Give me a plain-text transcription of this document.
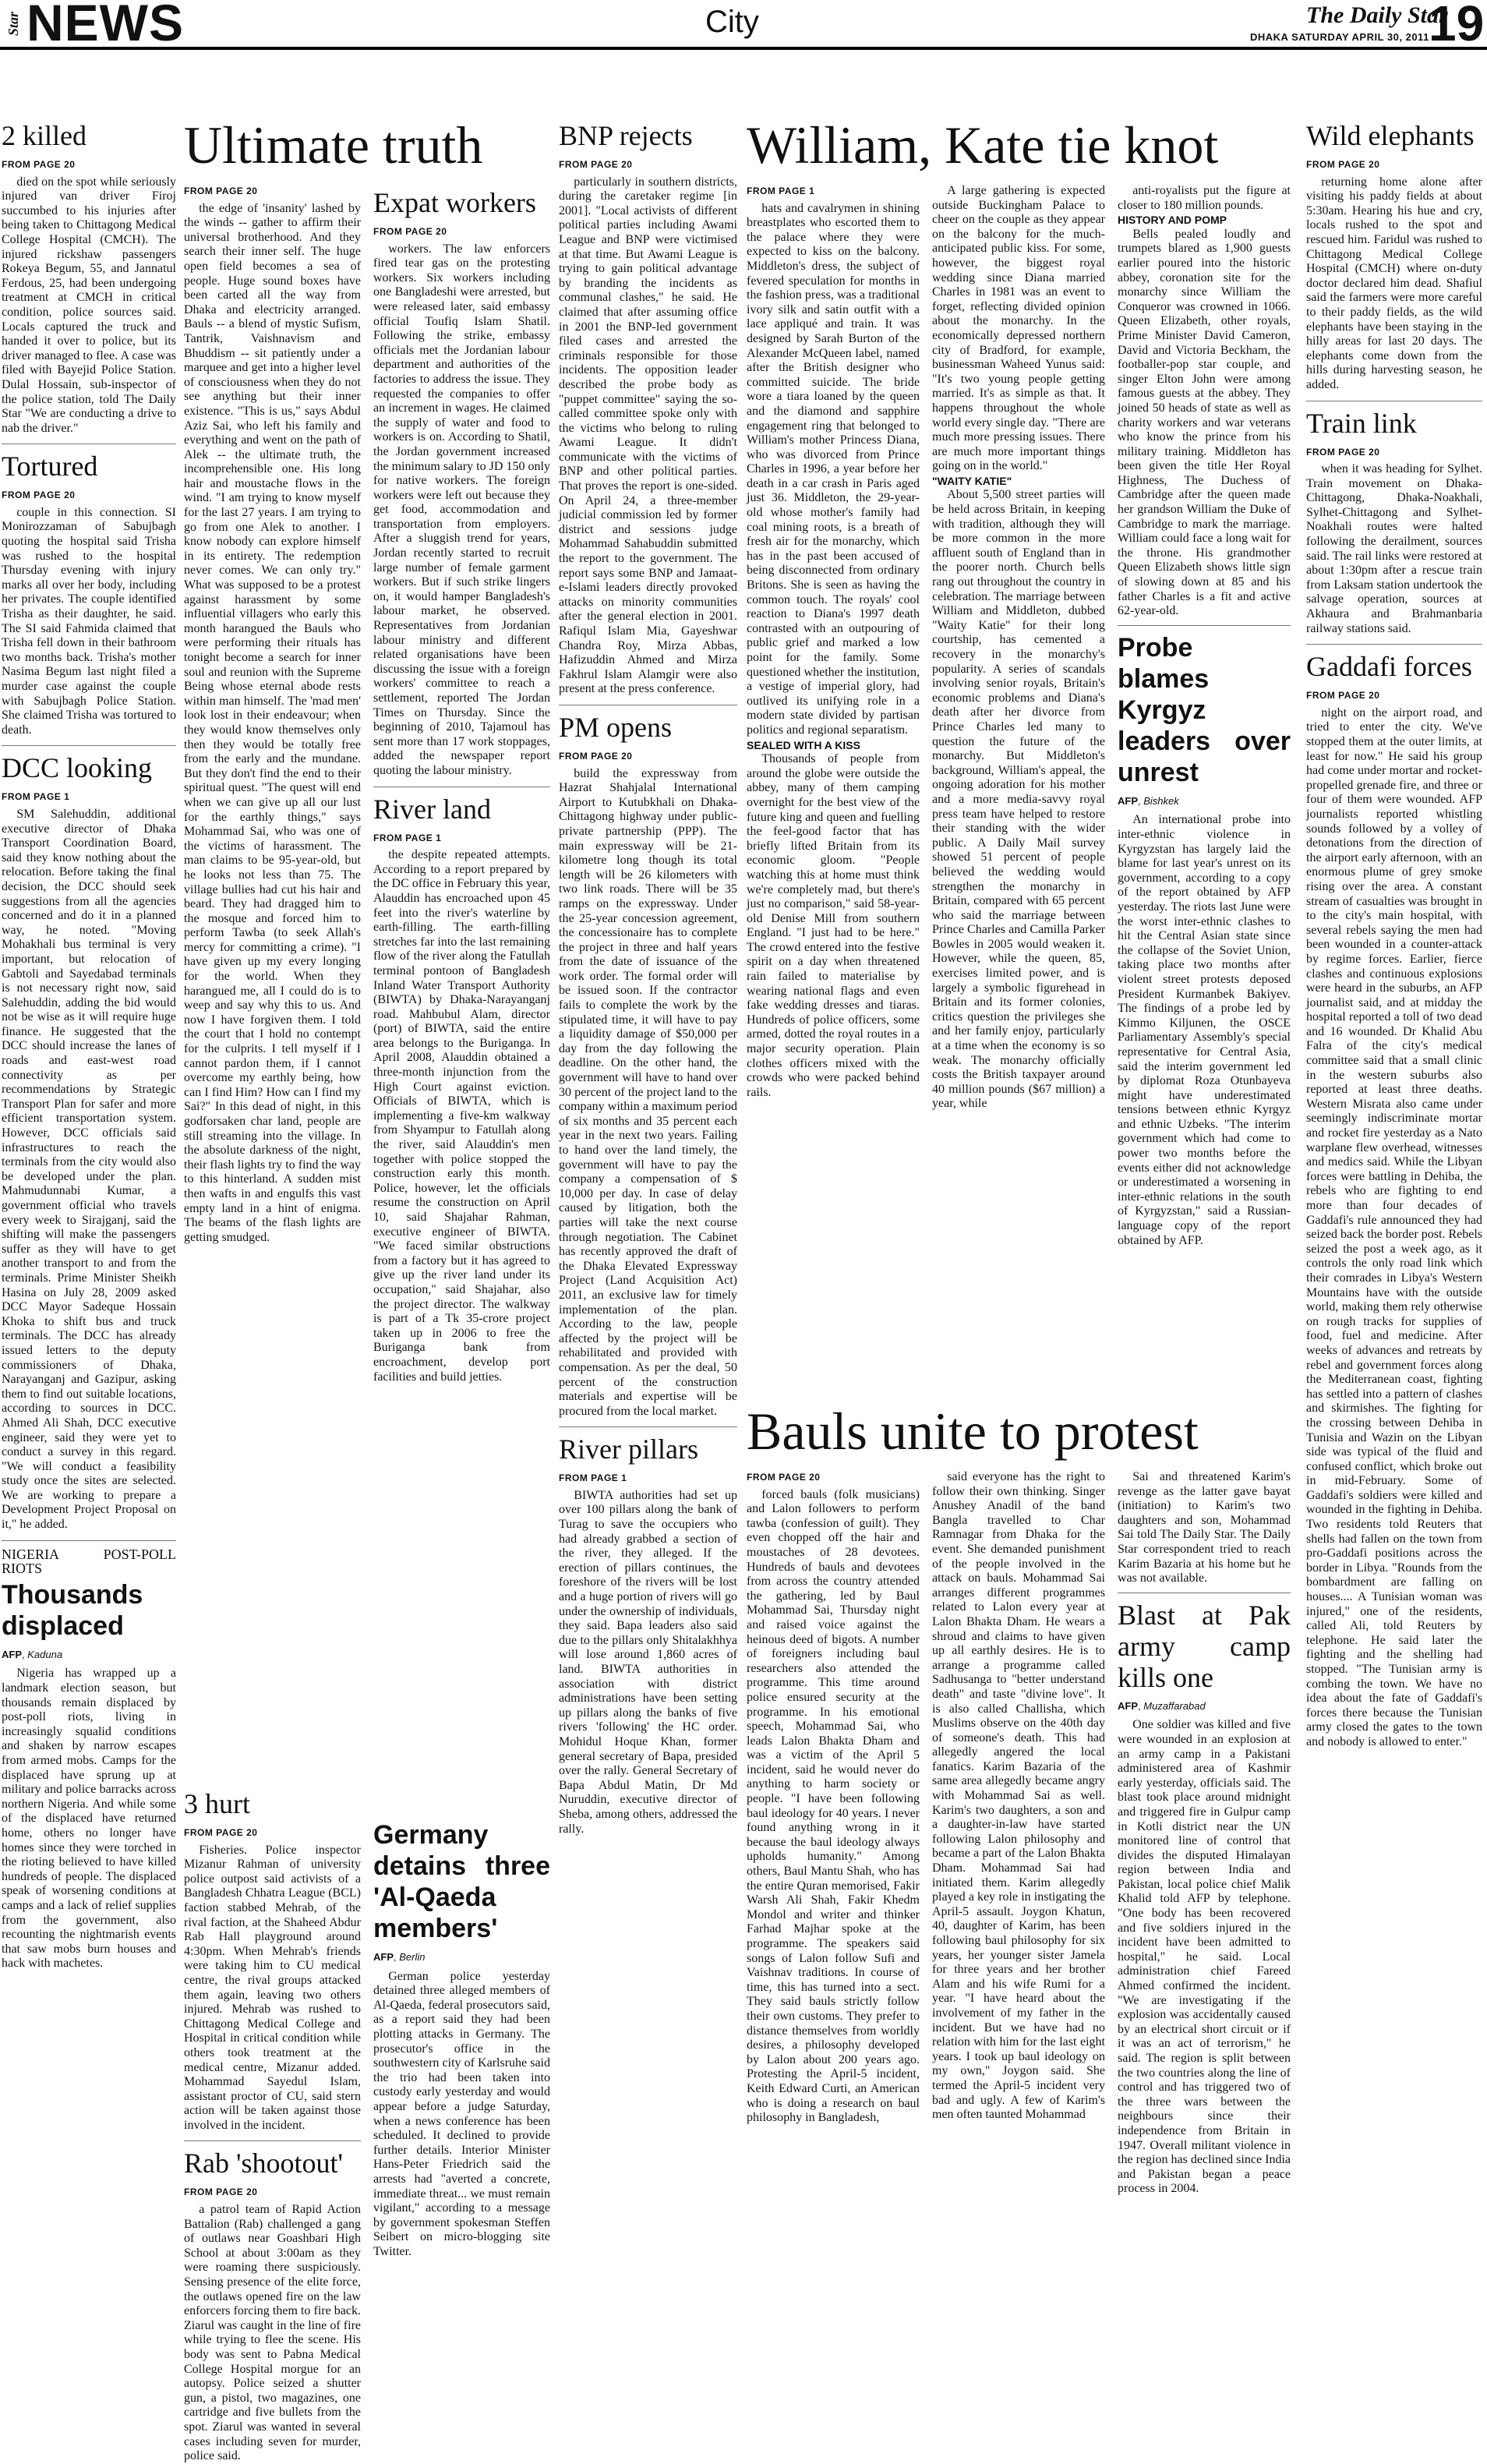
Star NEWS	City	The Daily Star
DHAKA SATURDAY APRIL 30, 2011 19
2 killed
FROM PAGE 20

died on the spot while seriously injured van driver Firoj succumbed to his injuries after being taken to Chittagong Medical College Hospital (CMCH). The injured rickshaw passengers Rokeya Begum, 55, and Jannatul Ferdous, 25, had been undergoing treatment at CMCH in critical condition, police sources said. Locals captured the truck and handed it over to police, but its driver managed to flee. A case was filed with Bayejid Police Station. Dulal Hossain, sub-inspector of the police station, told The Daily Star "We are conducting a drive to nab the driver."

Tortured
FROM PAGE 20

couple in this connection. SI Monirozzaman of Sabujbagh quoting the hospital said Trisha was rushed to the hospital Thursday evening with injury marks all over her body, including her privates. The couple identified Trisha as their daughter, he said. The SI said Fahmida claimed that Trisha fell down in their bathroom two months back. Trisha's mother Nasima Begum last night filed a murder case against the couple with Sabujbagh Police Station. She claimed Trisha was tortured to death.

DCC looking
FROM PAGE 1

SM Salehuddin, additional executive director of Dhaka Transport Coordination Board, said they know nothing about the relocation. Before taking the final decision, the DCC should seek suggestions from all the agencies concerned and do it in a planned way, he noted. "Moving Mohakhali bus terminal is very important, but relocation of Gabtoli and Sayedabad terminals is not necessary right now, said Salehuddin, adding the bid would not be wise as it will require huge finance. He suggested that the DCC should increase the lanes of roads and east-west road connectivity as per recommendations by Strategic Transport Plan for safer and more efficient transportation system. However, DCC officials said infrastructures to reach the terminals from the city would also be developed under the plan. Mahmudunnabi Kumar, a government official who travels every week to Sirajganj, said the shifting will make the passengers suffer as they will have to get another transport to and from the terminals. Prime Minister Sheikh Hasina on July 28, 2009 asked DCC Mayor Sadeque Hossain Khoka to shift bus and truck terminals. The DCC has already issued letters to the deputy commissioners of Dhaka, Narayanganj and Gazipur, asking them to find out suitable locations, according to sources in DCC. Ahmed Ali Shah, DCC executive engineer, said they were yet to conduct a survey in this regard. "We will conduct a feasibility study once the sites are selected. We are working to prepare a Development Project Proposal on it," he added.

NIGERIA POST-POLL RIOTS
Thousands displaced
AFP, Kaduna

Nigeria has wrapped up a landmark election season, but thousands remain displaced by post-poll riots, living in increasingly squalid conditions and shaken by narrow escapes from armed mobs. Camps for the displaced have sprung up at military and police barracks across northern Nigeria. And while some of the displaced have returned home, others no longer have homes since they were torched in the rioting believed to have killed hundreds of people. The displaced speak of worsening conditions at camps and a lack of relief supplies from the government, also recounting the nightmarish events that saw mobs burn houses and hack with machetes.

Ultimate truth
FROM PAGE 20

the edge of 'insanity' lashed by the winds -- gather to affirm their universal brotherhood. And they search their inner self. The huge open field becomes a sea of people. Huge sound boxes have been carted all the way from Dhaka and electricity arranged. Bauls -- a blend of mystic Sufism, Tantrik, Vaishnavism and Bhuddism -- sit patiently under a marquee and get into a higher level of consciousness when they do not see anything but their inner existence. "This is us," says Abdul Aziz Sai, who left his family and everything and went on the path of Alek -- the ultimate truth, the incomprehensible one. His long hair and moustache flows in the wind. "I am trying to know myself for the last 27 years. I am trying to go from one Alek to another. I know nobody can explore himself in its entirety. The redemption never comes. We can only try." What was supposed to be a protest against harassment by some influential villagers who early this month harangued the Bauls who were performing their rituals has tonight become a search for inner soul and reunion with the Supreme Being whose eternal abode rests within man himself. The 'mad men' look lost in their endeavour; when they would know themselves only then they would be totally free from the early and the mundane. But they don't find the end to their spiritual quest. "The quest will end when we can give up all our lust for the earthly things," says Mohammad Sai, who was one of the victims of harassment. The man claims to be 95-year-old, but he looks not less than 75. The village bullies had cut his hair and beard. They had dragged him to the mosque and forced him to perform Tawba (to seek Allah's mercy for committing a crime). "I have given up my every longing for the world. When they harangued me, all I could do is to weep and say why this to us. And now I have forgiven them. I told the court that I hold no contempt for the culprits. I tell myself if I cannot pardon them, if I cannot overcome my earthly being, how can I find Him? How can I find my Sai?" In this dead of night, in this godforsaken char land, people are still streaming into the village. In the absolute darkness of the night, their flash lights try to find the way to this hinterland. A sudden mist then wafts in and engulfs this vast empty land in a hint of enigma. The beams of the flash lights are getting smudged.

Expat workers
FROM PAGE 20

workers. The law enforcers fired tear gas on the protesting workers. Six workers including one Bangladeshi were arrested, but were released later, said embassy official Toufiq Islam Shatil. Following the strike, embassy officials met the Jordanian labour department and authorities of the factories to address the issue. They requested the companies to offer an increment in wages. He claimed the supply of water and food to workers is on. According to Shatil, the Jordan government increased the minimum salary to JD 150 only for native workers. The foreign workers were left out because they get food, accommodation and transportation from employers. After a sluggish trend for years, Jordan recently started to recruit large number of female garment workers. But if such strike lingers on, it would hamper Bangladesh's labour market, he observed. Representatives from Jordanian labour ministry and different related organisations have been discussing the issue with a foreign workers' committee to reach a settlement, reported The Jordan Times on Thursday. Since the beginning of 2010, Tajamoul has sent more than 17 work stoppages, added the newspaper report quoting the labour ministry.

River land
FROM PAGE 1

the despite repeated attempts. According to a report prepared by the DC office in February this year, Alauddin has encroached upon 45 feet into the river's waterline by earth-filling. The earth-filling stretches far into the last remaining flow of the river along the Fatullah terminal pontoon of Bangladesh Inland Water Transport Authority (BIWTA) by Dhaka-Narayanganj road. Mahbubul Alam, director (port) of BIWTA, said the entire area belongs to the Buriganga. In April 2008, Alauddin obtained a three-month injunction from the High Court against eviction. Officials of BIWTA, which is implementing a five-km walkway from Shyampur to Fatullah along the river, said Alauddin's men together with police stopped the construction early this month. Police, however, let the officials resume the construction on April 10, said Shajahar Rahman, executive engineer of BIWTA. "We faced similar obstructions from a factory but it has agreed to give up the river land under its occupation," said Shajahar, also the project director. The walkway is part of a Tk 35-crore project taken up in 2006 to free the Buriganga bank from encroachment, develop port facilities and build jetties.

3 hurt
FROM PAGE 20

Fisheries. Police inspector Mizanur Rahman of university police outpost said activists of a Bangladesh Chhatra League (BCL) faction stabbed Mehrab, of the rival faction, at the Shaheed Abdur Rab Hall playground around 4:30pm. When Mehrab's friends were taking him to CU medical centre, the rival groups attacked them again, leaving two others injured. Mehrab was rushed to Chittagong Medical College and Hospital in critical condition while others took treatment at the medical centre, Mizanur added. Mohammad Sayedul Islam, assistant proctor of CU, said stern action will be taken against those involved in the incident.

Rab 'shootout'
FROM PAGE 20

a patrol team of Rapid Action Battalion (Rab) challenged a gang of outlaws near Goashbari High School at about 3:00am as they were roaming there suspiciously. Sensing presence of the elite force, the outlaws opened fire on the law enforcers forcing them to fire back. Ziarul was caught in the line of fire while trying to flee the scene. His body was sent to Pabna Medical College Hospital morgue for an autopsy. Police seized a shutter gun, a pistol, two magazines, one cartridge and five bullets from the spot. Ziarul was wanted in several cases including seven for murder, police said.

Germany detains three 'Al-Qaeda members'
AFP, Berlin

German police yesterday detained three alleged members of Al-Qaeda, federal prosecutors said, as a report said they had been plotting attacks in Germany. The prosecutor's office in the southwestern city of Karlsruhe said the trio had been taken into custody early yesterday and would appear before a judge Saturday, when a news conference has been scheduled. It declined to provide further details. Interior Minister Hans-Peter Friedrich said the arrests had "averted a concrete, immediate threat... we must remain vigilant," according to a message by government spokesman Steffen Seibert on micro-blogging site Twitter.

BNP rejects
FROM PAGE 20

particularly in southern districts, during the caretaker regime [in 2001]. "Local activists of different political parties including Awami League and BNP were victimised at that time. But Awami League is trying to gain political advantage by branding the incidents as communal clashes," he said. He claimed that after assuming office in 2001 the BNP-led government filed cases and arrested the criminals responsible for those incidents. The opposition leader described the probe body as "puppet committee" saying the so-called committee spoke only with the victims who belong to ruling Awami League. It didn't communicate with the victims of BNP and other political parties. That proves the report is one-sided. On April 24, a three-member judicial commission led by former district and sessions judge Mohammad Sahabuddin submitted the report to the government. The report says some BNP and Jamaat-e-Islami leaders directly provoked attacks on minority communities after the general election in 2001. Rafiqul Islam Mia, Gayeshwar Chandra Roy, Mirza Abbas, Hafizuddin Ahmed and Mirza Fakhrul Islam Alamgir were also present at the press conference.

PM opens
FROM PAGE 20

build the expressway from Hazrat Shahjalal International Airport to Kutubkhali on Dhaka-Chittagong highway under public-private partnership (PPP). The main expressway will be 21-kilometre long though its total length will be 26 kilometers with two link roads. There will be 35 ramps on the expressway. Under the 25-year concession agreement, the concessionaire has to complete the project in three and half years from the date of issuance of the work order. The formal order will be issued soon. If the contractor fails to complete the work by the stipulated time, it will have to pay a liquidity damage of $50,000 per day from the day following the deadline. On the other hand, the government will have to hand over 30 percent of the project land to the company within a maximum period of six months and 35 percent each year in the next two years. Failing to hand over the land timely, the government will have to pay the company a compensation of $ 10,000 per day. In case of delay caused by litigation, both the parties will take the next course through negotiation. The Cabinet has recently approved the draft of the Dhaka Elevated Expressway Project (Land Acquisition Act) 2011, an exclusive law for timely implementation of the plan. According to the law, people affected by the project will be rehabilitated and provided with compensation. As per the deal, 50 percent of the construction materials and expertise will be procured from the local market.

River pillars
FROM PAGE 1

BIWTA authorities had set up over 100 pillars along the bank of Turag to save the occupiers who had already grabbed a section of the river, they alleged. If the erection of pillars continues, the foreshore of the rivers will be lost and a huge portion of rivers will go under the ownership of individuals, they said. Bapa leaders also said due to the pillars only Shitalakhhya will lose around 1,860 acres of land. BIWTA authorities in association with district administrations have been setting up pillars along the banks of five rivers 'following' the HC order. Mohidul Hoque Khan, former general secretary of Bapa, presided over the rally. General Secretary of Bapa Abdul Matin, Dr Md Nuruddin, executive director of Sheba, among others, addressed the rally.

William, Kate tie knot
FROM PAGE 1

hats and cavalrymen in shining breastplates who escorted them to the palace where they were expected to kiss on the balcony. Middleton's dress, the subject of fevered speculation for months in the fashion press, was a traditional ivory silk and satin outfit with a lace appliqué and train. It was designed by Sarah Burton of the Alexander McQueen label, named after the British designer who committed suicide. The bride wore a tiara loaned by the queen and the diamond and sapphire engagement ring that belonged to William's mother Princess Diana, who was divorced from Prince Charles in 1996, a year before her death in a car crash in Paris aged just 36. Middleton, the 29-year-old whose mother's family had coal mining roots, is a breath of fresh air for the monarchy, which has in the past been accused of being disconnected from ordinary Britons. She is seen as having the common touch. The royals' cool reaction to Diana's 1997 death contrasted with an outpouring of public grief and marked a low point for the family. Some questioned whether the institution, a vestige of imperial glory, had outlived its unifying role in a modern state divided by partisan politics and regional separatism.

SEALED WITH A KISS

Thousands of people from around the globe were outside the abbey, many of them camping overnight for the best view of the future king and queen and fuelling the feel-good factor that has briefly lifted Britain from its economic gloom. "People watching this at home must think we're completely mad, but there's just no comparison," said 58-year-old Denise Mill from southern England. "I just had to be here." The crowd entered into the festive spirit on a day when threatened rain failed to materialise by wearing national flags and even fake wedding dresses and tiaras. Hundreds of police officers, some armed, dotted the royal routes in a major security operation. Plain clothes officers mixed with the crowds who were packed behind rails.

A large gathering is expected outside Buckingham Palace to cheer on the couple as they appear on the balcony for the much-anticipated public kiss. For some, however, the biggest royal wedding since Diana married Charles in 1981 was an event to forget, reflecting divided opinion about the monarchy. In the economically depressed northern city of Bradford, for example, businessman Waheed Yunus said: "It's two young people getting married. It's as simple as that. It happens throughout the whole world every single day. "There are much more pressing issues. There are much more important things going on in the world."

"WAITY KATIE"

About 5,500 street parties will be held across Britain, in keeping with tradition, although they will be more common in the more affluent south of England than in the poorer north. Church bells rang out throughout the country in celebration. The marriage between William and Middleton, dubbed "Waity Katie" for their long courtship, has cemented a recovery in the monarchy's popularity. A series of scandals involving senior royals, Britain's economic problems and Diana's death after her divorce from Prince Charles led many to question the future of the monarchy. But Middleton's background, William's appeal, the ongoing adoration for his mother and a more media-savvy royal press team have helped to restore their standing with the wider public. A Daily Mail survey showed 51 percent of people believed the wedding would strengthen the monarchy in Britain, compared with 65 percent who said the marriage between Prince Charles and Camilla Parker Bowles in 2005 would weaken it. However, while the queen, 85, exercises limited power, and is largely a symbolic figurehead in Britain and its former colonies, critics question the privileges she and her family enjoy, particularly at a time when the economy is so weak. The monarchy officially costs the British taxpayer around 40 million pounds ($67 million) a year, while

anti-royalists put the figure at closer to 180 million pounds.

HISTORY AND POMP

Bells pealed loudly and trumpets blared as 1,900 guests earlier poured into the historic abbey, coronation site for the monarchy since William the Conqueror was crowned in 1066. Queen Elizabeth, other royals, Prime Minister David Cameron, David and Victoria Beckham, the footballer-pop star couple, and singer Elton John were among famous guests at the abbey. They joined 50 heads of state as well as charity workers and war veterans who know the prince from his military training. Middleton has been given the title Her Royal Highness, The Duchess of Cambridge after the queen made her grandson William the Duke of Cambridge to mark the marriage. William could face a long wait for the throne. His grandmother Queen Elizabeth shows little sign of slowing down at 85 and his father Charles is a fit and active 62-year-old.

Probe blames Kyrgyz leaders over unrest
AFP, Bishkek

An international probe into inter-ethnic violence in Kyrgyzstan has largely laid the blame for last year's unrest on its government, according to a copy of the report obtained by AFP yesterday. The riots last June were the worst inter-ethnic clashes to hit the Central Asian state since the collapse of the Soviet Union, taking place two months after violent street protests deposed President Kurmanbek Bakiyev. The findings of a probe led by Kimmo Kiljunen, the OSCE Parliamentary Assembly's special representative for Central Asia, said the interim government led by diplomat Roza Otunbayeva might have underestimated tensions between ethnic Kyrgyz and ethnic Uzbeks. "The interim government which had come to power two months before the events either did not acknowledge or underestimated a worsening in inter-ethnic relations in the south of Kyrgyzstan," said a Russian-language copy of the report obtained by AFP.

Bauls unite to protest
FROM PAGE 20

forced bauls (folk musicians) and Lalon followers to perform tawba (confession of guilt). They even chopped off the hair and moustaches of 28 devotees. Hundreds of bauls and devotees from across the country attended the gathering, led by Baul Mohammad Sai, Thursday night and raised voice against the heinous deed of bigots. A number of foreigners including baul researchers also attended the programme. This time around police ensured security at the programme. In his emotional speech, Mohammad Sai, who leads Lalon Bhakta Dham and was a victim of the April 5 incident, said he would never do anything to harm society or people. "I have been following baul ideology for 40 years. I never found anything wrong in it because the baul ideology always upholds humanity." Among others, Baul Mantu Shah, who has the entire Quran memorised, Fakir Warsh Ali Shah, Fakir Khedm Mondol and writer and thinker Farhad Majhar spoke at the programme. The speakers said songs of Lalon follow Sufi and Vaishnav traditions. In course of time, this has turned into a sect. They said bauls strictly follow their own customs. They prefer to distance themselves from worldly desires, a philosophy developed by Lalon about 200 years ago. Protesting the April-5 incident, Keith Edward Curti, an American who is doing a research on baul philosophy in Bangladesh,

said everyone has the right to follow their own thinking. Singer Anushey Anadil of the band Bangla travelled to Char Ramnagar from Dhaka for the event. She demanded punishment of the people involved in the attack on bauls. Mohammad Sai arranges different programmes related to Lalon every year at Lalon Bhakta Dham. He wears a shroud and claims to have given up all earthly desires. He is to arrange a programme called Sadhusanga to "better understand death" and taste "divine love". It is also called Challisha, which Muslims observe on the 40th day of someone's death. This had allegedly angered the local fanatics. Karim Bazaria of the same area allegedly became angry with Mohammad Sai as well. Karim's two daughters, a son and a daughter-in-law have started following Lalon philosophy and became a part of the Lalon Bhakta Dham. Mohammad Sai had initiated them. Karim allegedly played a key role in instigating the April-5 assault. Joygon Khatun, 40, daughter of Karim, has been following baul philosophy for six years, her younger sister Jamela for three years and her brother Alam and his wife Rumi for a year. "I have heard about the involvement of my father in the incident. But we have had no relation with him for the last eight years. I took up baul ideology on my own," Joygon said. She termed the April-5 incident very bad and ugly. A few of Karim's men often taunted Mohammad

Sai and threatened Karim's revenge as the latter gave bayat (initiation) to Karim's two daughters and son, Mohammad Sai told The Daily Star. The Daily Star correspondent tried to reach Karim Bazaria at his home but he was not available.

Blast at Pak army camp kills one
AFP, Muzaffarabad

One soldier was killed and five were wounded in an explosion at an army camp in a Pakistani administered area of Kashmir early yesterday, officials said. The blast took place around midnight and triggered fire in Gulpur camp in Kotli district near the UN monitored line of control that divides the disputed Himalayan region between India and Pakistan, local police chief Malik Khalid told AFP by telephone. "One body has been recovered and five soldiers injured in the incident have been admitted to hospital," he said. Local administration chief Fareed Ahmed confirmed the incident. "We are investigating if the explosion was accidentally caused by an electrical short circuit or if it was an act of terrorism," he said. The region is split between the two countries along the line of control and has triggered two of the three wars between the neighbours since their independence from Britain in 1947. Overall militant violence in the region has declined since India and Pakistan began a peace process in 2004.

Wild elephants
FROM PAGE 20

returning home alone after visiting his paddy fields at about 5:30am. Hearing his hue and cry, locals rushed to the spot and rescued him. Faridul was rushed to Chittagong Medical College Hospital (CMCH) where on-duty doctor declared him dead. Shafiul said the farmers were more careful to their paddy fields, as the wild elephants have been staying in the hilly areas for last 20 days. The elephants come down from the hills during harvesting season, he added.

Train link
FROM PAGE 20

when it was heading for Sylhet. Train movement on Dhaka- Chittagong, Dhaka-Noakhali, Sylhet-Chittagong and Sylhet-Noakhali routes were halted following the derailment, sources said. The rail links were restored at about 1:30pm after a rescue train from Laksam station undertook the salvage operation, sources at Akhaura and Brahmanbaria railway stations said.

Gaddafi forces
FROM PAGE 20

night on the airport road, and tried to enter the city. We've stopped them at the outer limits, at least for now." He said his group had come under mortar and rocket-propelled grenade fire, and three or four of them were wounded. AFP journalists reported whistling sounds followed by a volley of detonations from the direction of the airport early afternoon, with an enormous plume of grey smoke rising over the area. A constant stream of casualties was brought in to the city's main hospital, with several rebels saying the men had been wounded in a counter-attack by regime forces. Earlier, fierce clashes and continuous explosions were heard in the suburbs, an AFP journalist said, and at midday the hospital reported a toll of two dead and 16 wounded. Dr Khalid Abu Falra of the city's medical committee said that a small clinic in the western suburbs also reported at least three deaths. Western Misrata also came under seemingly indiscriminate mortar and rocket fire yesterday as a Nato warplane flew overhead, witnesses and medics said. While the Libyan forces were battling in Dehiba, the rebels who are fighting to end more than four decades of Gaddafi's rule announced they had seized back the border post. Rebels seized the post a week ago, as it controls the only road link which their comrades in Libya's Western Mountains have with the outside world, making them rely otherwise on rough tracks for supplies of food, fuel and medicine. After weeks of advances and retreats by rebel and government forces along the Mediterranean coast, fighting has settled into a pattern of clashes and skirmishes. The fighting for the crossing between Dehiba in Tunisia and Wazin on the Libyan side was typical of the fluid and confused conflict, which broke out in mid-February. Some of Gaddafi's soldiers were killed and wounded in the fighting in Dehiba. Two residents told Reuters that shells had fallen on the town from pro-Gaddafi positions across the border in Libya. "Rounds from the bombardment are falling on houses.... A Tunisian woman was injured," one of the residents, called Ali, told Reuters by telephone. He said later the fighting and the shelling had stopped. "The Tunisian army is combing the town. We have no idea about the fate of Gaddafi's forces there because the Tunisian army closed the gates to the town and nobody is allowed to enter."
